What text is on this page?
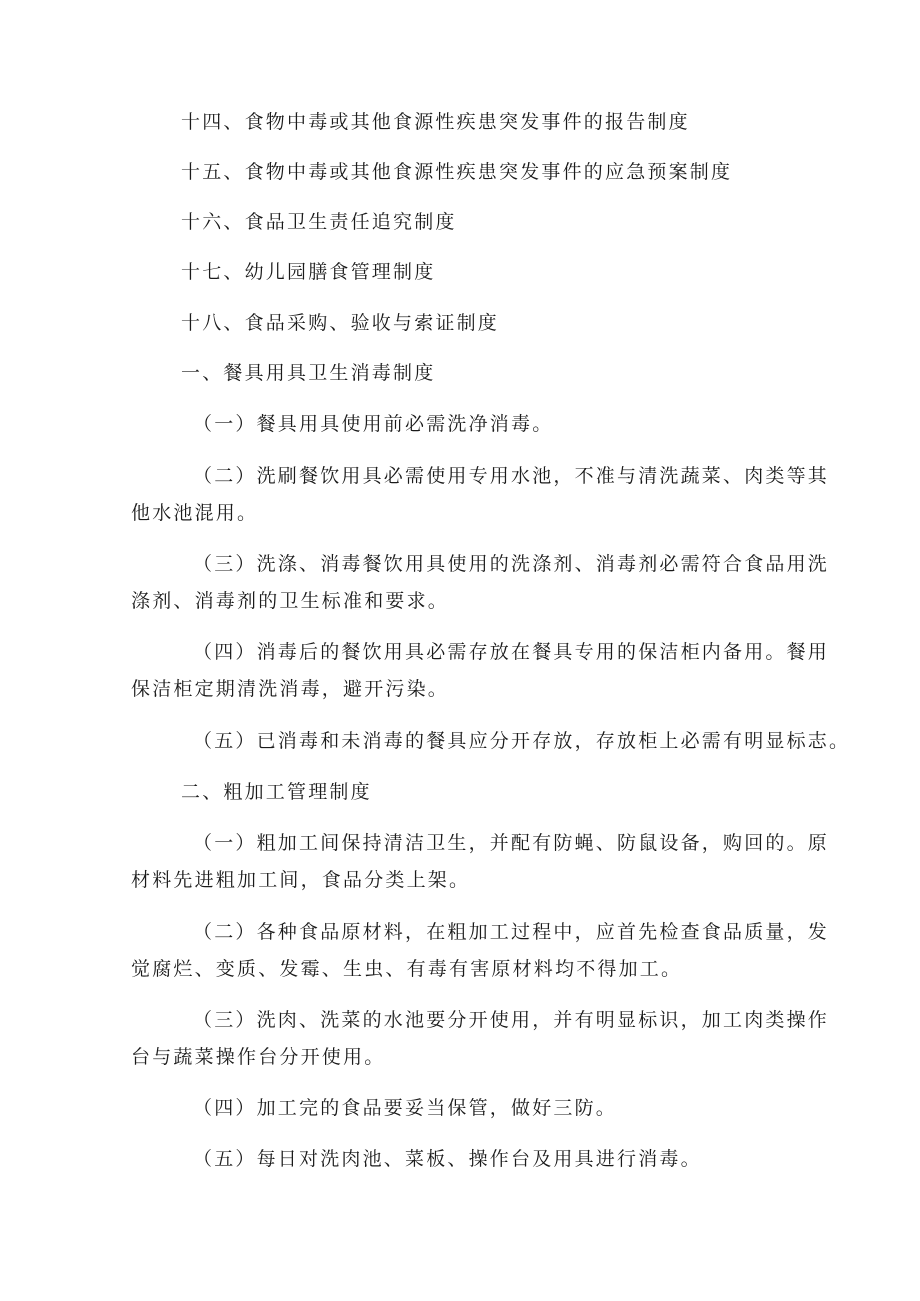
十四、食物中毒或其他食源性疾患突发事件的报告制度
十五、食物中毒或其他食源性疾患突发事件的应急预案制度
十六、食品卫生责任追究制度
十七、幼儿园膳食管理制度
十八、食品采购、验收与索证制度
一、餐具用具卫生消毒制度
（一）餐具用具使用前必需洗净消毒。
（二）洗刷餐饮用具必需使用专用水池，不准与清洗蔬菜、肉类等其
他水池混用。
（三）洗涤、消毒餐饮用具使用的洗涤剂、消毒剂必需符合食品用洗
涤剂、消毒剂的卫生标准和要求。
（四）消毒后的餐饮用具必需存放在餐具专用的保洁柜内备用。餐用
保洁柜定期清洗消毒，避开污染。
（五）已消毒和未消毒的餐具应分开存放，存放柜上必需有明显标志。
二、粗加工管理制度
（一）粗加工间保持清洁卫生，并配有防蝇、防鼠设备，购回的。原
材料先进粗加工间，食品分类上架。
（二）各种食品原材料，在粗加工过程中，应首先检查食品质量，发
觉腐烂、变质、发霉、生虫、有毒有害原材料均不得加工。
（三）洗肉、洗菜的水池要分开使用，并有明显标识，加工肉类操作
台与蔬菜操作台分开使用。
（四）加工完的食品要妥当保管，做好三防。
（五）每日对洗肉池、菜板、操作台及用具进行消毒。
